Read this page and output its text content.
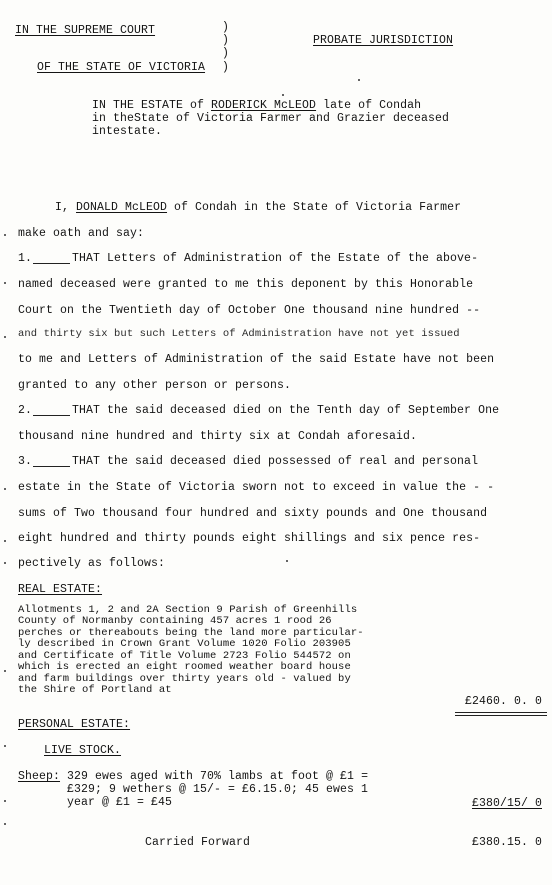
IN THE SUPREME COURT
OF THE STATE OF VICTORIA
)
)
)
)
PROBATE JURISDICTION
IN THE ESTATE of RODERICK McLEOD late of Condah
in theState of Victoria Farmer and Grazier deceased
intestate.
I, DONALD McLEOD of Condah in the State of Victoria Farmer
make oath and say:
1.	THAT Letters of Administration of the Estate of the above-
named deceased were granted to me this deponent by this Honorable
Court on the Twentieth day of October One thousand nine hundred --
and thirty six but such Letters of Administration have not yet issued
to me and Letters of Administration of the said Estate have not been
granted to any other person or persons.
2.	THAT the said deceased died on the Tenth day of September One
thousand nine hundred and thirty six at Condah aforesaid.
3.	THAT the said deceased died possessed of real and personal
estate in the State of Victoria sworn not to exceed in value the - -
sums of Two thousand four hundred and sixty pounds and One thousand
eight hundred and thirty pounds eight shillings and six pence res-
pectively as follows:
REAL ESTATE:
Allotments 1, 2 and 2A Section 9 Parish of Greenhills
County of Normanby containing 457 acres 1 rood 26
perches or thereabouts being the land more particular-
ly described in Crown Grant Volume 1020 Folio 203905
and Certificate of Title Volume 2723 Folio 544572 on
which is erected an eight roomed weather board house
and farm buildings over thirty years old - valued by
the Shire of Portland at
£2460. 0. 0
PERSONAL ESTATE:
LIVE STOCK.
Sheep: 329 ewes aged with 70% lambs at foot @ £1 =
£329; 9 wethers @ 15/- = £6.15.0; 45 ewes 1
year @ £1 = £45	£380/15/ 0
Carried Forward	£380.15. 0
